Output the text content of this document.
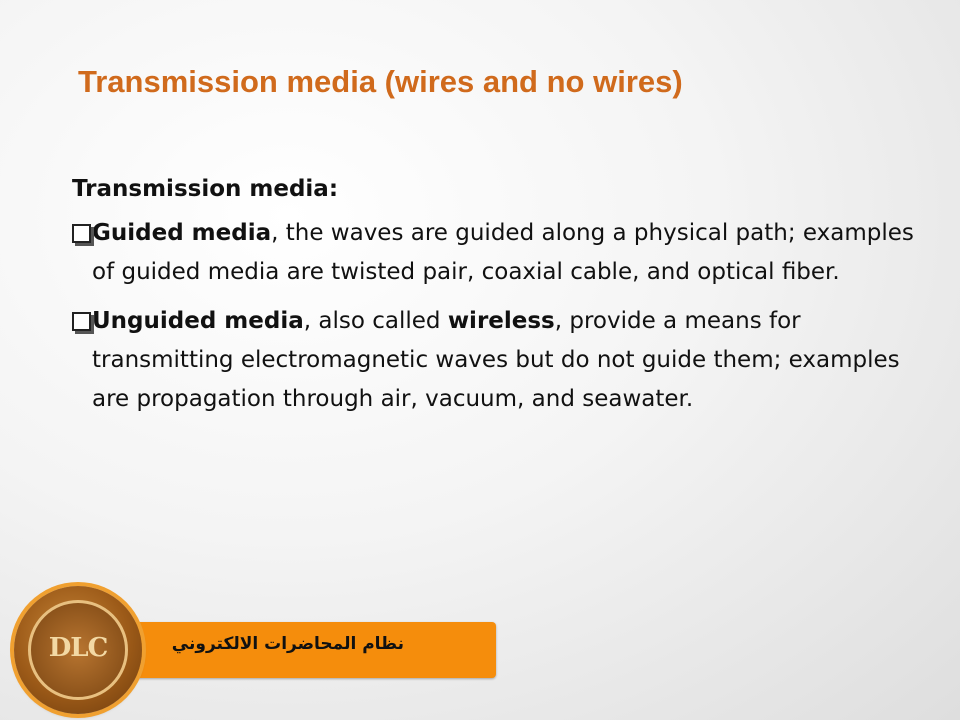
Transmission media (wires and no wires)

Transmission media:

Guided media, the waves are guided along a physical path; examples of guided media are twisted pair, coaxial cable, and optical fiber.
Unguided media, also called wireless, provide a means for transmitting electromagnetic waves but do not guide them; examples are propagation through air, vacuum, and seawater.
نظام المحاضرات الالكتروني
DLC
